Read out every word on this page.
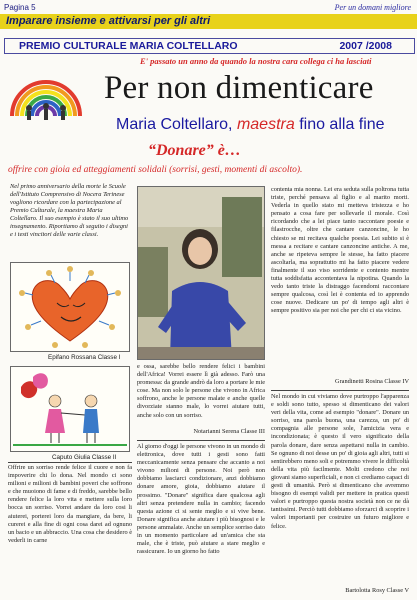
Pagina 5	Per un domani migliore
Imparare insieme e attivarsi per gli altri
PREMIO CULTURALE MARIA COLTELLARO	2007 /2008
E' passato un anno da quando la nostra cara collega ci ha lasciati
Per non dimenticare
Maria Coltellaro, maestra fino alla fine
“Donare” è…
offrire con gioia ed atteggiamenti solidali (sorrisi, gesti, momenti di ascolto).
Nel primo anniversario della morte le Scuole dell'Istituto Comprensivo di Nocera Terinese vogliono ricordare con la partecipazione al Premio Culturale, la maestra Maria Coltellaro. Il suo esempio è stato il suo ultimo insegnamento. Riportiamo di seguito i disegni e i testi vincitori delle varie classi.
Epifano Rossana Classe I
Caputo Giulia Classe II
Offrire un sorriso rende felice il cuore e non fa impoverire chi lo dona. Nel mondo ci sono milioni e milioni di bambini poveri che soffrono e che muoiono di fame e di freddo, sarebbe bello rendere felice la loro vita e mettere sulla loro bocca un sorriso. Vorrei andare da loro cosi li aiuterei, porterei loro da mangiare, da bere, li curerei e alla fine di ogni cosa darei ad ognuno un bacio e un abbraccio. Una cosa che desidero è vederli in carne
e ossa, sarebbe bello rendere felici i bambini dell'Africa! Vorrei essere lì già adesso. Farò una promessa: da grande andrò da loro a portare le mie cose. Ma non solo le persone che vivono in Africa soffrono, anche le persone malate e anche quelle divorziate stanno male, lo vorrei aiutare tutti, anche solo con un sorriso.
Notarianni Serena Classe III
Al giorno d'oggi le persone vivono in un mondo di elettronica, dove tutti i gesti sono fatti meccanicamente senza pensare che accanto a noi vivono milioni di persone. Noi però non dobbiamo lasciarci condizionare, anzi dobbiamo donare amore, gioia, dobbiamo aiutare il prossimo. "Donare" significa dare qualcosa agli altri senza pretendere nulla in cambio; facendo questa azione ci si sente meglio e si vive bene. Donare significa anche aiutare i più bisognosi e le persone ammalate. Anche un semplice sorriso dato in un momento particolare ad un'amica che sta male, che è triste, può aiutare a stare meglio e rassicurare. Io un giorno ho fatto
contenta mia nonna. Lei era seduta sulla poltrona tutta triste, perché pensava al figlio e al marito morti. Vederla in quello stato mi metteva tristezza e ho pensato a cosa fare per sollevarle il morale. Così ricordando che a lei piace tanto raccontare poesie e filastrocche, oltre che cantare canzoncine, le ho chiesto se mi recitava qualche poesia. Lei subito si è messa a recitare e cantare canzoncine antiche. A me, anche se ripeteva sempre le stesse, ha fatto piacere ascoltarla, ma soprattutto mi ha fatto piacere vedere finalmente il suo viso sorridente e contento mentre tutta soddisfatta accontentava la nipotina. Quando la vedo tanto triste la distraggo facendomi raccontare sempre qualcosa, così lei è contenta ed io apprendo cose nuove. Dedicare un po' di tempo agli altri è sempre positivo sia per noi che per chi ci sta vicino.
Grandinetti Rosina Classe IV
Nel mondo in cui viviamo dove purtroppo l'apparenza e soldi sono tutto, spesso si dimenticano dei valori veri della vita, come ad esempio "donare". Donare un sorriso, una parola buona, una carezza, un po' di compagnia alle persone sole, l'amicizia vera e incondizionata; è questo il vero significato della parola donare, dare senza aspettarsi nulla in cambio. Se ognuno di noi desse un po' di gioia agli altri, tutti si sentirebbero meno soli e potremmo vivere le difficoltà della vita più facilmente. Molti credono che noi giovani siamo superficiali, e non ci crediamo capaci di gesti di umanità. Però si dimenticano che avremmo bisogno di esempi validi per mettere in pratica questi valori e purtroppo questa nostra società non ce ne dà tantissimi. Perciò tutti dobbiamo sforzarci di scoprire i valori importanti per costruire un futuro migliore e felice.
Bartolotta Rosy Classe V
